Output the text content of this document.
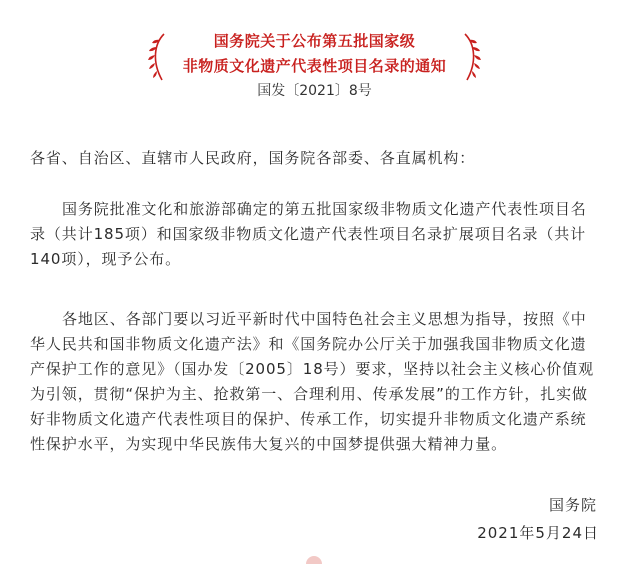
国务院关于公布第五批国家级
非物质文化遗产代表性项目名录的通知
国发〔2021〕8号

各省、自治区、直辖市人民政府，国务院各部委、各直属机构：

国务院批准文化和旅游部确定的第五批国家级非物质文化遗产代表性项目名录（共计185项）和国家级非物质文化遗产代表性项目名录扩展项目名录（共计140项），现予公布。

各地区、各部门要以习近平新时代中国特色社会主义思想为指导，按照《中华人民共和国非物质文化遗产法》和《国务院办公厅关于加强我国非物质文化遗产保护工作的意见》（国办发〔2005〕18号）要求，坚持以社会主义核心价值观为引领，贯彻“保护为主、抢救第一、合理利用、传承发展”的工作方针，扎实做好非物质文化遗产代表性项目的保护、传承工作，切实提升非物质文化遗产系统性保护水平，为实现中华民族伟大复兴的中国梦提供强大精神力量。

国务院
2021年5月24日
